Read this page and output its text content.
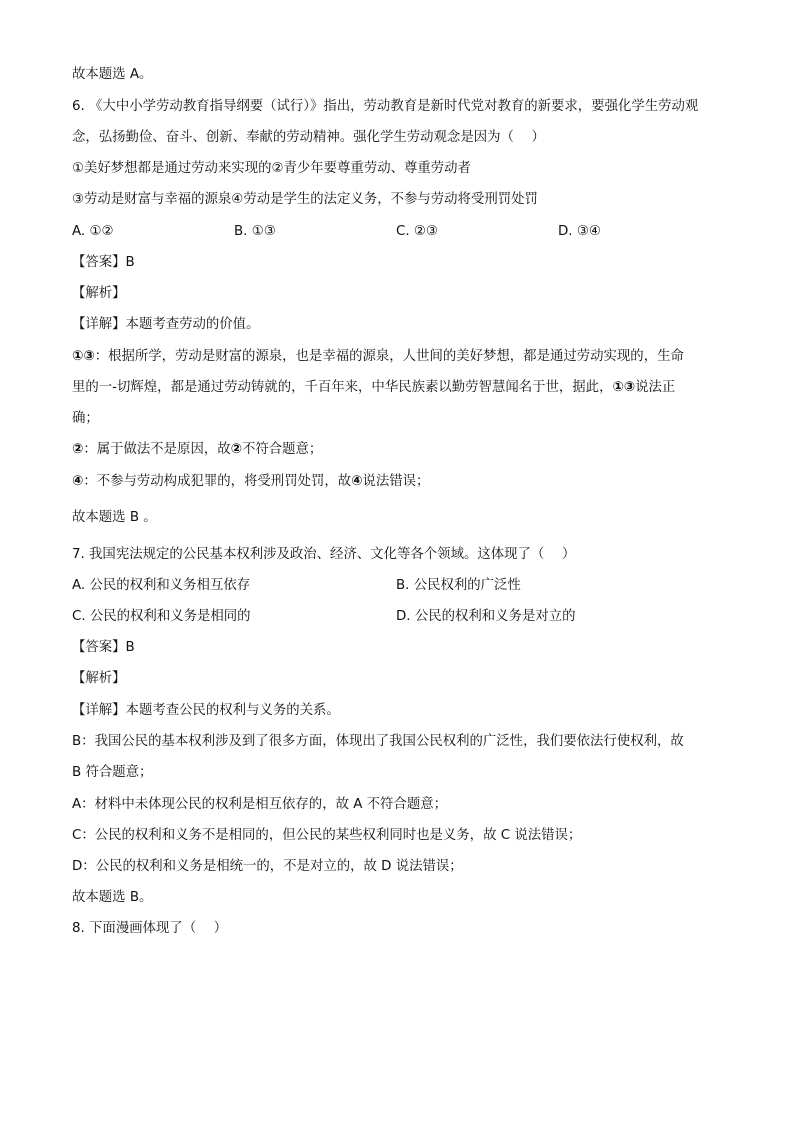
故本题选 A。
6. 《大中小学劳动教育指导纲要（试行）》指出，劳动教育是新时代党对教育的新要求，要强化学生劳动观
念，弘扬勤俭、奋斗、创新、奉献的劳动精神。强化学生劳动观念是因为（　 ）
①美好梦想都是通过劳动来实现的②青少年要尊重劳动、尊重劳动者
③劳动是财富与幸福的源泉④劳动是学生的法定义务，不参与劳动将受刑罚处罚
A. ①②	B. ①③	C. ②③	D. ③④
【答案】B
【解析】
【详解】本题考查劳动的价值。
①③：根据所学，劳动是财富的源泉，也是幸福的源泉，人世间的美好梦想，都是通过劳动实现的，生命
里的一-切辉煌，都是通过劳动铸就的，千百年来，中华民族素以勤劳智慧闻名于世，据此，①③说法正
确；
②：属于做法不是原因，故②不符合题意；
④：不参与劳动构成犯罪的，将受刑罚处罚，故④说法错误；
故本题选 B 。
7. 我国宪法规定的公民基本权利涉及政治、经济、文化等各个领域。这体现了（　 ）
A. 公民的权利和义务相互依存	B. 公民权利的广泛性
C. 公民的权利和义务是相同的	D. 公民的权利和义务是对立的
【答案】B
【解析】
【详解】本题考查公民的权利与义务的关系。
B：我国公民的基本权利涉及到了很多方面，体现出了我国公民权利的广泛性，我们要依法行使权利，故
B 符合题意；
A：材料中未体现公民的权利是相互依存的，故 A 不符合题意；
C：公民的权利和义务不是相同的，但公民的某些权利同时也是义务，故 C 说法错误；
D：公民的权利和义务是相统一的，不是对立的，故 D 说法错误；
故本题选 B。
8. 下面漫画体现了（　 ）
